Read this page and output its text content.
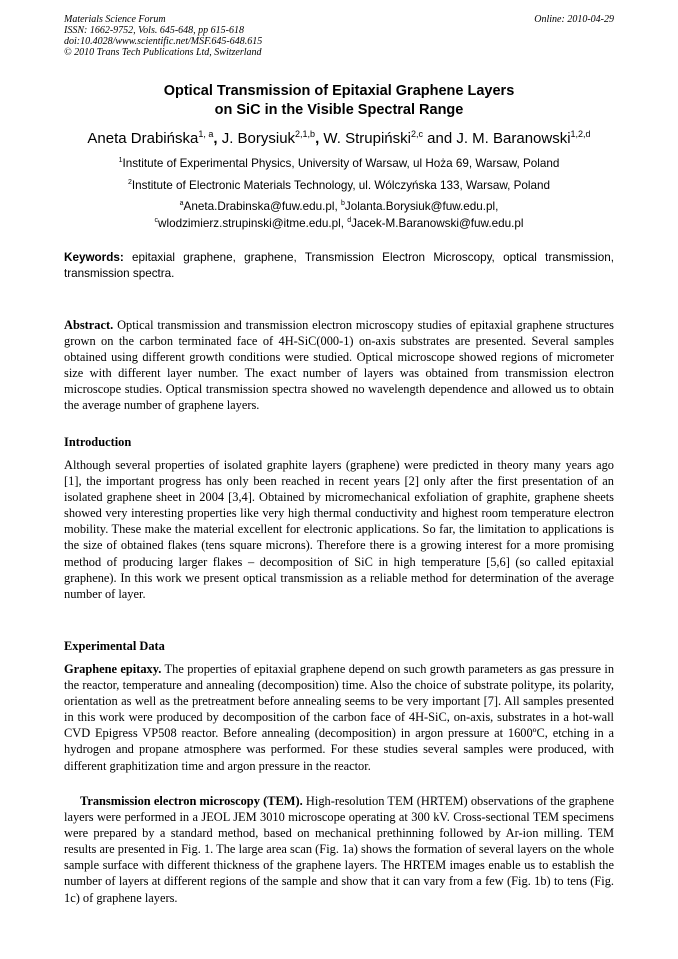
Materials Science Forum
ISSN: 1662-9752, Vols. 645-648, pp 615-618
doi:10.4028/www.scientific.net/MSF.645-648.615
© 2010 Trans Tech Publications Ltd, Switzerland
Online: 2010-04-29
Optical Transmission of Epitaxial Graphene Layers
on SiC in the Visible Spectral Range
Aneta Drabińska$^{1, a}$, J. Borysiuk$^{2,1,b}$, W. Strupiński$^{2,c}$ and J. M. Baranowski$^{1,2,d}$
$^1$Institute of Experimental Physics, University of Warsaw, ul Hoża 69, Warsaw, Poland
$^2$Institute of Electronic Materials Technology, ul. Wólczyńska 133, Warsaw, Poland
$^a$Aneta.Drabinska@fuw.edu.pl, $^b$Jolanta.Borysiuk@fuw.edu.pl,
$^c$wlodzimierz.strupinski@itme.edu.pl, $^d$Jacek-M.Baranowski@fuw.edu.pl
Keywords: epitaxial graphene, graphene, Transmission Electron Microscopy, optical transmission, transmission spectra.
Abstract. Optical transmission and transmission electron microscopy studies of epitaxial graphene structures grown on the carbon terminated face of 4H-SiC(000-1) on-axis substrates are presented. Several samples obtained using different growth conditions were studied. Optical microscope showed regions of micrometer size with different layer number. The exact number of layers was obtained from transmission electron microscope studies. Optical transmission spectra showed no wavelength dependence and allowed us to obtain the average number of graphene layers.
Introduction
Although several properties of isolated graphite layers (graphene) were predicted in theory many years ago [1], the important progress has only been reached in recent years [2] only after the first presentation of an isolated graphene sheet in 2004 [3,4]. Obtained by micromechanical exfoliation of graphite, graphene sheets showed very interesting properties like very high thermal conductivity and highest room temperature electron mobility. These make the material excellent for electronic applications. So far, the limitation to applications is the size of obtained flakes (tens square microns). Therefore there is a growing interest for a more promising method of producing larger flakes – decomposition of SiC in high temperature [5,6] (so called epitaxial graphene). In this work we present optical transmission as a reliable method for determination of the average number of layer.
Experimental Data
Graphene epitaxy. The properties of epitaxial graphene depend on such growth parameters as gas pressure in the reactor, temperature and annealing (decomposition) time. Also the choice of substrate politype, its polarity, orientation as well as the pretreatment before annealing seems to be very important [7]. All samples presented in this work were produced by decomposition of the carbon face of 4H-SiC, on-axis, substrates in a hot-wall CVD Epigress VP508 reactor. Before annealing (decomposition) in argon pressure at 1600ºC, etching in a hydrogen and propane atmosphere was performed. For these studies several samples were produced, with different graphitization time and argon pressure in the reactor.
Transmission electron microscopy (TEM). High-resolution TEM (HRTEM) observations of the graphene layers were performed in a JEOL JEM 3010 microscope operating at 300 kV. Cross-sectional TEM specimens were prepared by a standard method, based on mechanical prethinning followed by Ar-ion milling. TEM results are presented in Fig. 1. The large area scan (Fig. 1a) shows the formation of several layers on the whole sample surface with different thickness of the graphene layers. The HRTEM images enable us to establish the number of layers at different regions of the sample and show that it can vary from a few (Fig. 1b) to tens (Fig. 1c) of graphene layers.
